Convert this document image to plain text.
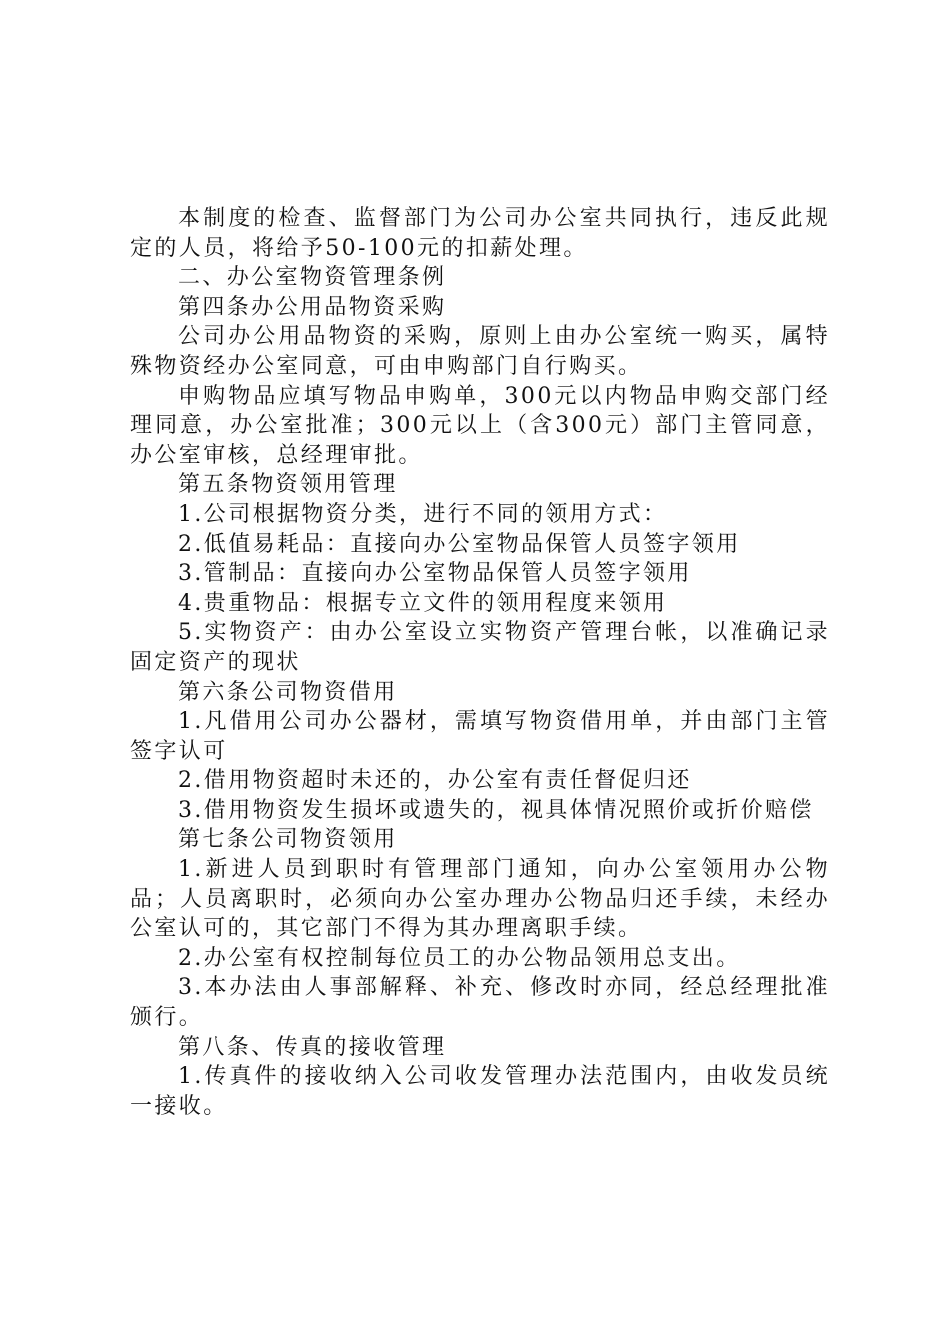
本制度的检查、监督部门为公司办公室共同执行，违反此规定的人员，将给予50-100元的扣薪处理。

二、办公室物资管理条例

第四条办公用品物资采购

公司办公用品物资的采购，原则上由办公室统一购买，属特殊物资经办公室同意，可由申购部门自行购买。

申购物品应填写物品申购单，300元以内物品申购交部门经理同意，办公室批准；300元以上（含300元）部门主管同意，办公室审核，总经理审批。

第五条物资领用管理

1.公司根据物资分类，进行不同的领用方式：

2.低值易耗品：直接向办公室物品保管人员签字领用

3.管制品：直接向办公室物品保管人员签字领用

4.贵重物品：根据专立文件的领用程度来领用

5.实物资产：由办公室设立实物资产管理台帐，以准确记录固定资产的现状

第六条公司物资借用

1.凡借用公司办公器材，需填写物资借用单，并由部门主管签字认可

2.借用物资超时未还的，办公室有责任督促归还

3.借用物资发生损坏或遗失的，视具体情况照价或折价赔偿

第七条公司物资领用

1.新进人员到职时有管理部门通知，向办公室领用办公物品；人员离职时，必须向办公室办理办公物品归还手续，未经办公室认可的，其它部门不得为其办理离职手续。

2.办公室有权控制每位员工的办公物品领用总支出。

3.本办法由人事部解释、补充、修改时亦同，经总经理批准颁行。

第八条、传真的接收管理

1.传真件的接收纳入公司收发管理办法范围内，由收发员统一接收。
